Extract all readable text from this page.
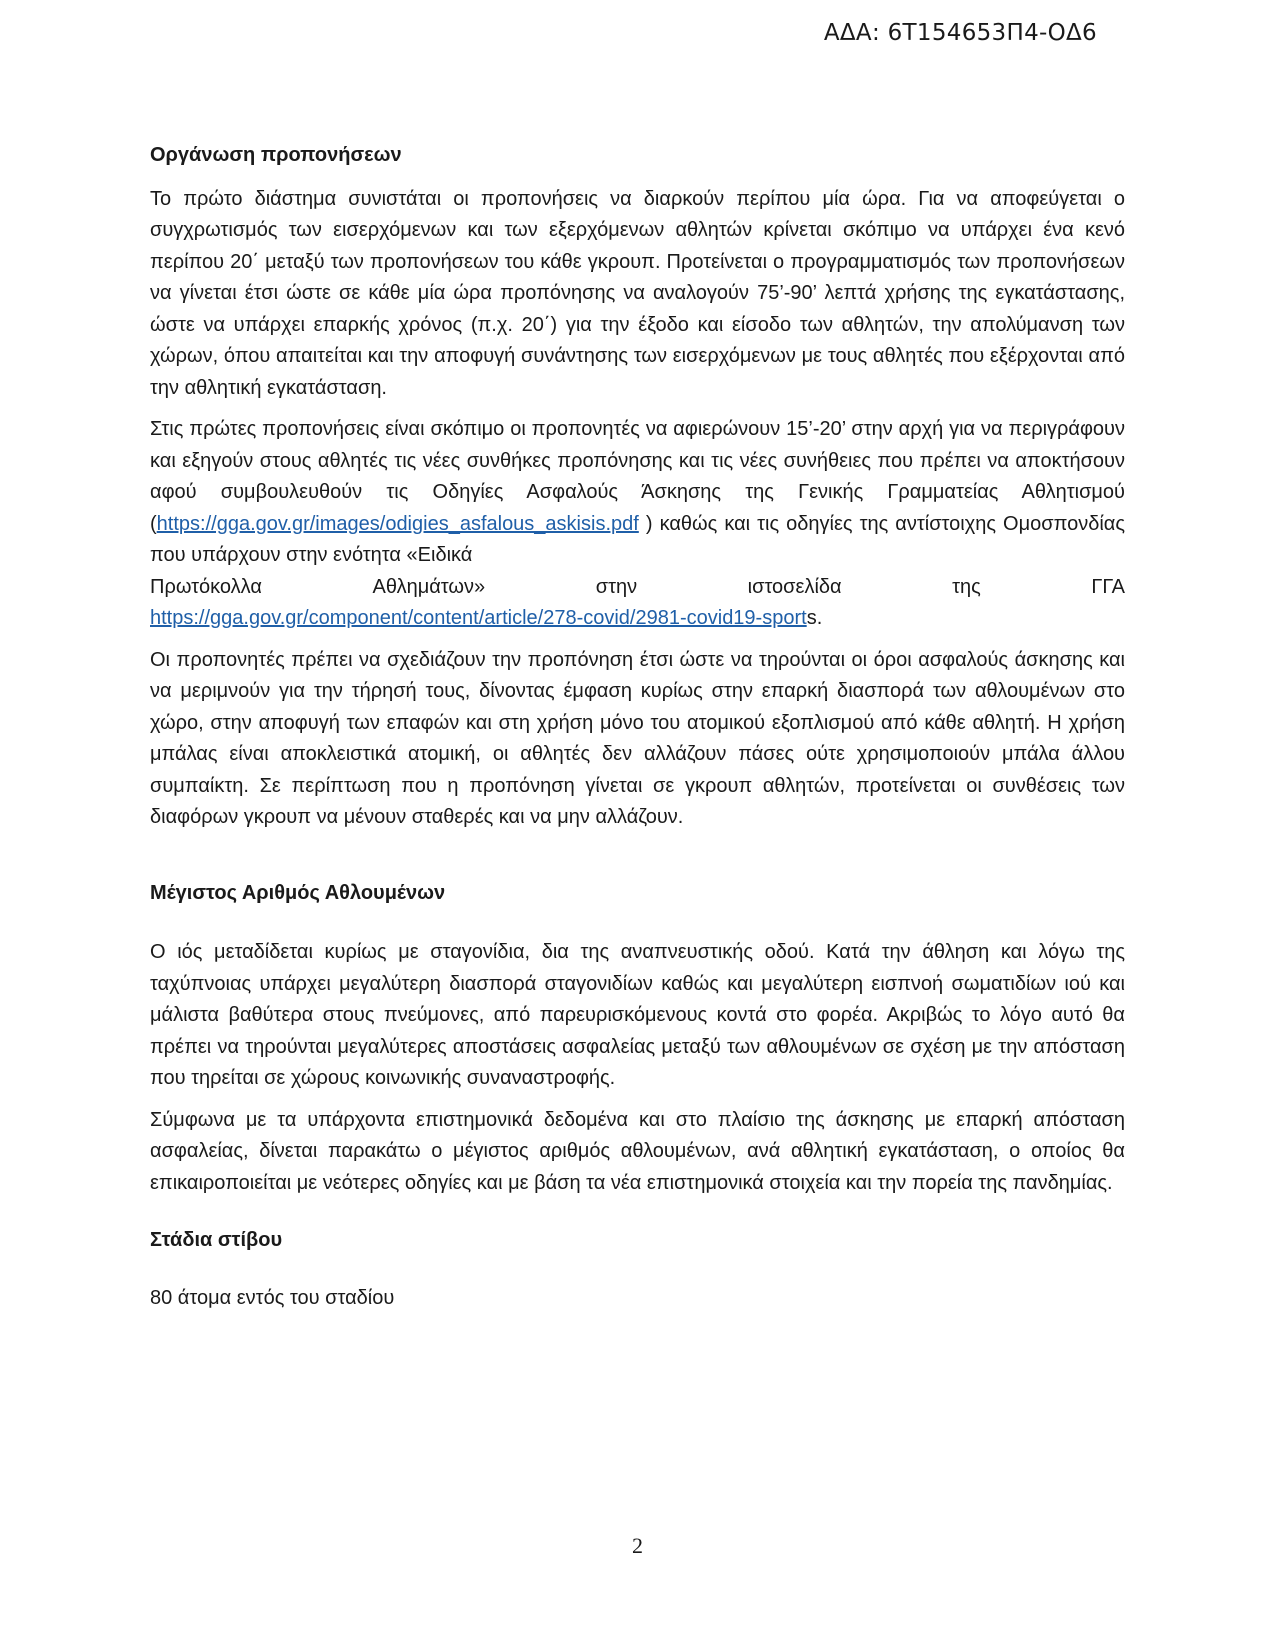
ΑΔΑ: 6Τ154653Π4-ΟΔ6
Οργάνωση προπονήσεων

Το πρώτο διάστημα συνιστάται οι προπονήσεις να διαρκούν περίπου μία ώρα. Για να αποφεύγεται ο συγχρωτισμός των εισερχόμενων και των εξερχόμενων αθλητών κρίνεται σκόπιμο να υπάρχει ένα κενό περίπου 20΄ μεταξύ των προπονήσεων του κάθε γκρουπ. Προτείνεται ο προγραμματισμός των προπονήσεων να γίνεται έτσι ώστε σε κάθε μία ώρα προπόνησης να αναλογούν 75’-90’ λεπτά χρήσης της εγκατάστασης, ώστε να υπάρχει επαρκής χρόνος (π.χ. 20΄) για την έξοδο και είσοδο των αθλητών, την απολύμανση των χώρων, όπου απαιτείται και την αποφυγή συνάντησης των εισερχόμενων με τους αθλητές που εξέρχονται από την αθλητική εγκατάσταση.

Στις πρώτες προπονήσεις είναι σκόπιμο οι προπονητές να αφιερώνουν 15’-20’ στην αρχή για να περιγράφουν και εξηγούν στους αθλητές τις νέες συνθήκες προπόνησης και τις νέες συνήθειες που πρέπει να αποκτήσουν αφού συμβουλευθούν τις Οδηγίες Ασφαλούς Άσκησης της Γενικής Γραμματείας Αθλητισμού (https://gga.gov.gr/images/odigies_asfalous_askisis.pdf ) καθώς και τις οδηγίες της αντίστοιχης Ομοσπονδίας που υπάρχουν στην ενότητα «Ειδικά

Πρωτόκολλα	Αθλημάτων»	στην	ιστοσελίδα	της	ΓΓΑ
https://gga.gov.gr/component/content/article/278-covid/2981-covid19-sports.

Οι προπονητές πρέπει να σχεδιάζουν την προπόνηση έτσι ώστε να τηρούνται οι όροι ασφαλούς άσκησης και να μεριμνούν για την τήρησή τους, δίνοντας έμφαση κυρίως στην επαρκή διασπορά των αθλουμένων στο χώρο, στην αποφυγή των επαφών και στη χρήση μόνο του ατομικού εξοπλισμού από κάθε αθλητή. Η χρήση μπάλας είναι αποκλειστικά ατομική, οι αθλητές δεν αλλάζουν πάσες ούτε χρησιμοποιούν μπάλα άλλου συμπαίκτη. Σε περίπτωση που η προπόνηση γίνεται σε γκρουπ αθλητών, προτείνεται οι συνθέσεις των διαφόρων γκρουπ να μένουν σταθερές και να μην αλλάζουν.

Μέγιστος Αριθμός Αθλουμένων

Ο ιός μεταδίδεται κυρίως με σταγονίδια, δια της αναπνευστικής οδού. Κατά την άθληση και λόγω της ταχύπνοιας υπάρχει μεγαλύτερη διασπορά σταγονιδίων καθώς και μεγαλύτερη εισπνοή σωματιδίων ιού και μάλιστα βαθύτερα στους πνεύμονες, από παρευρισκόμενους κοντά στο φορέα. Ακριβώς το λόγο αυτό θα πρέπει να τηρούνται μεγαλύτερες αποστάσεις ασφαλείας μεταξύ των αθλουμένων σε σχέση με την απόσταση που τηρείται σε χώρους κοινωνικής συναναστροφής.

Σύμφωνα με τα υπάρχοντα επιστημονικά δεδομένα και στο πλαίσιο της άσκησης με επαρκή απόσταση ασφαλείας, δίνεται παρακάτω ο μέγιστος αριθμός αθλουμένων, ανά αθλητική εγκατάσταση, ο οποίος θα επικαιροποιείται με νεότερες οδηγίες και με βάση τα νέα επιστημονικά στοιχεία και την πορεία της πανδημίας.

Στάδια στίβου

80 άτομα εντός του σταδίου

2
